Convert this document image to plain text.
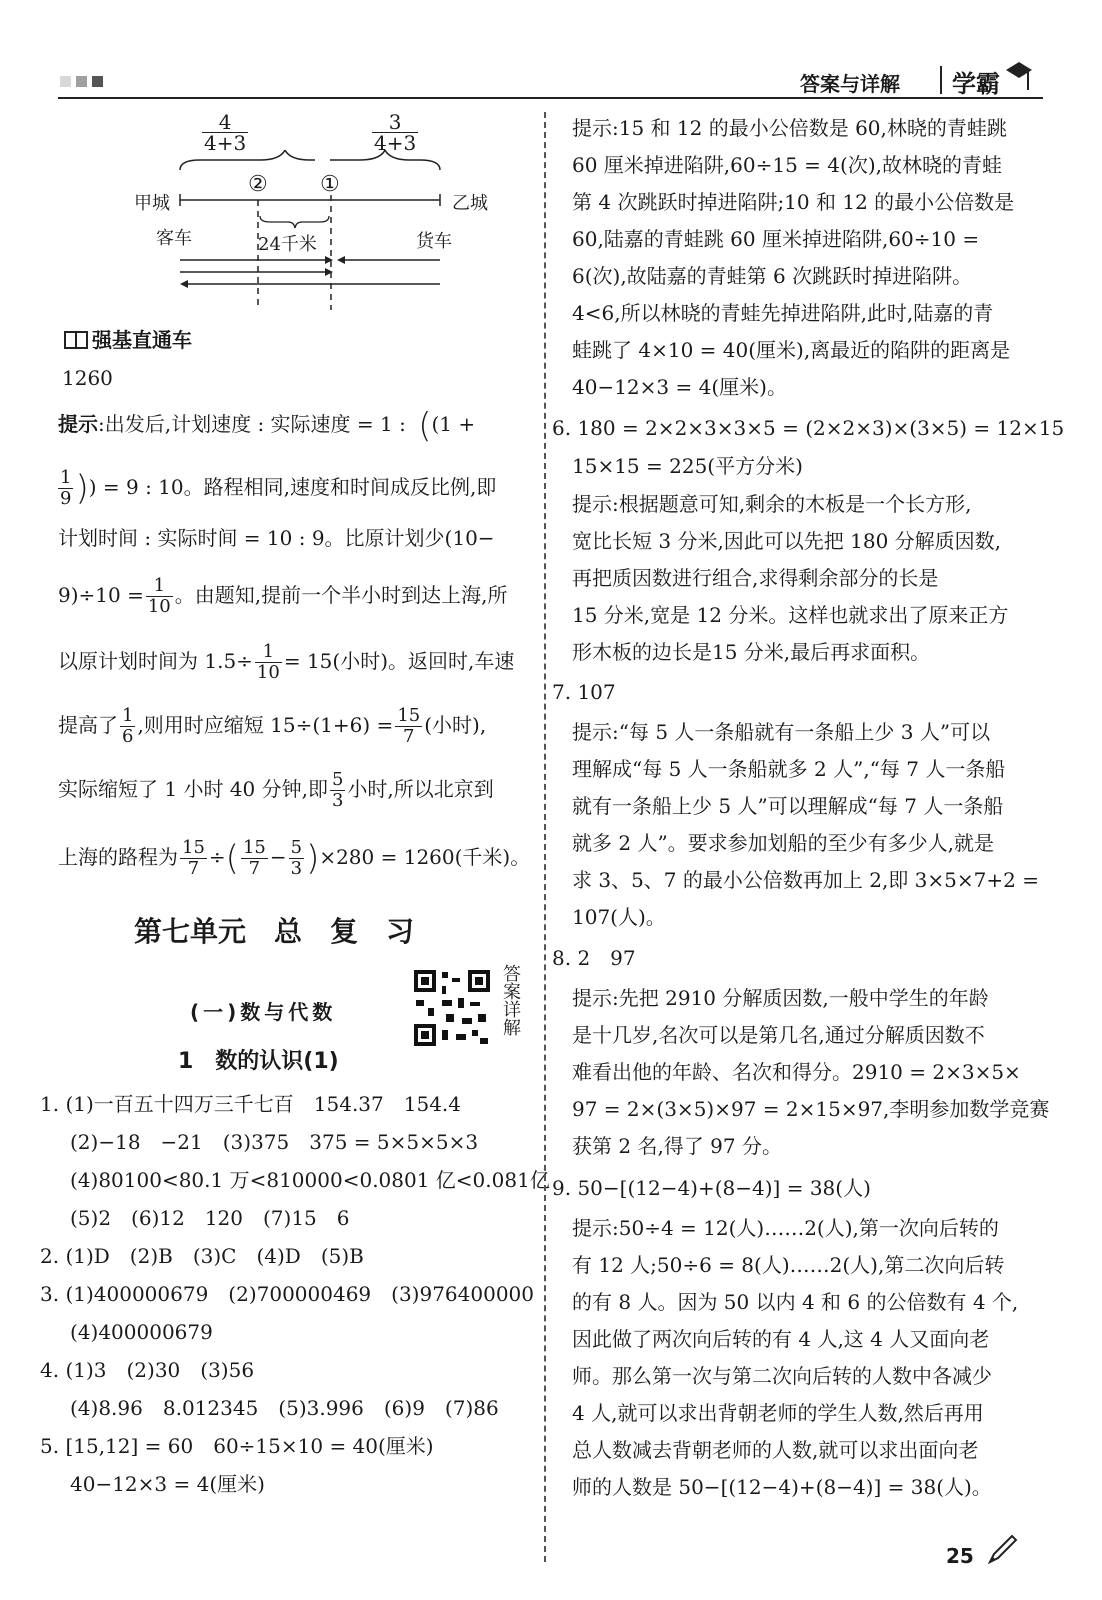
答案与详解 学霸
$\frac{4}{4+3}$	$\frac{3}{4+3}$
② ①
甲城	乙城
客车	货车
24千米
强基直通车
1260
提示:出发后,计划速度 : 实际速度 = 1 : ((1 +
$\frac{1}{9}$ )) = 9 : 10。路程相同,速度和时间成反比例,即
计划时间 : 实际时间 = 10 : 9。比原计划少(10−
$9)\div 10 = \frac{1}{10}$ 。由题知,提前一个半小时到达上海,所
以原计划时间为 $1.5\div \frac{1}{10} = 15$(小时)。返回时,车速
提高了 $\frac{1}{6}$ ,则用时应缩短 $15\div(1+6) = \frac{15}{7}$ (小时),
实际缩短了 1 小时 40 分钟,即 $\frac{5}{3}$ 小时,所以北京到
上海的路程为 $\frac{15}{7}$ ÷( $\frac{15}{7} - \frac{5}{3} )\times 280 = 1260$(千米)。
第七单元　总　复　习
(一)数与代数	答案详解
1　数的认识(1)
1. (1)一百五十四万三千七百　154.37　154.4
(2)−18　−21　(3)375　375 = 5×5×5×3
(4)80100<80.1 万<810000<0.0801 亿<0.081亿
(5)2　(6)12　120　(7)15　6
2. (1)D　(2)B　(3)C　(4)D　(5)B
3. (1)400000679　(2)700000469　(3)976400000
(4)400000679
4. (1)3　(2)30　(3)56
(4)8.96　8.012345　(5)3.996　(6)9　(7)86
5. [15,12] = 60　60÷15×10 = 40(厘米)
40−12×3 = 4(厘米)
提示:15 和 12 的最小公倍数是 60,林晓的青蛙跳
60 厘米掉进陷阱,60÷15 = 4(次),故林晓的青蛙
第 4 次跳跃时掉进陷阱;10 和 12 的最小公倍数是
60,陆嘉的青蛙跳 60 厘米掉进陷阱,60÷10 =
6(次),故陆嘉的青蛙第 6 次跳跃时掉进陷阱。
4<6,所以林晓的青蛙先掉进陷阱,此时,陆嘉的青
蛙跳了 4×10 = 40(厘米),离最近的陷阱的距离是
40−12×3 = 4(厘米)。
6. 180 = 2×2×3×3×5 = (2×2×3)×(3×5) = 12×15
15×15 = 225(平方分米)
提示:根据题意可知,剩余的木板是一个长方形,
宽比长短 3 分米,因此可以先把 180 分解质因数,
再把质因数进行组合,求得剩余部分的长是
15 分米,宽是 12 分米。这样也就求出了原来正方
形木板的边长是15 分米,最后再求面积。
7. 107
提示:“每 5 人一条船就有一条船上少 3 人”可以
理解成“每 5 人一条船就多 2 人”,“每 7 人一条船
就有一条船上少 5 人”可以理解成“每 7 人一条船
就多 2 人”。要求参加划船的至少有多少人,就是
求 3、5、7 的最小公倍数再加上 2,即 3×5×7+2 =
107(人)。
8. 2　97
提示:先把 2910 分解质因数,一般中学生的年龄
是十几岁,名次可以是第几名,通过分解质因数不
难看出他的年龄、名次和得分。2910 = 2×3×5×
97 = 2×(3×5)×97 = 2×15×97,李明参加数学竞赛
获第 2 名,得了 97 分。
9. 50−[(12−4)+(8−4)] = 38(人)
提示:50÷4 = 12(人)……2(人),第一次向后转的
有 12 人;50÷6 = 8(人)……2(人),第二次向后转
的有 8 人。因为 50 以内 4 和 6 的公倍数有 4 个,
因此做了两次向后转的有 4 人,这 4 人又面向老
师。那么第一次与第二次向后转的人数中各减少
4 人,就可以求出背朝老师的学生人数,然后再用
总人数减去背朝老师的人数,就可以求出面向老
师的人数是 50−[(12−4)+(8−4)] = 38(人)。
25
